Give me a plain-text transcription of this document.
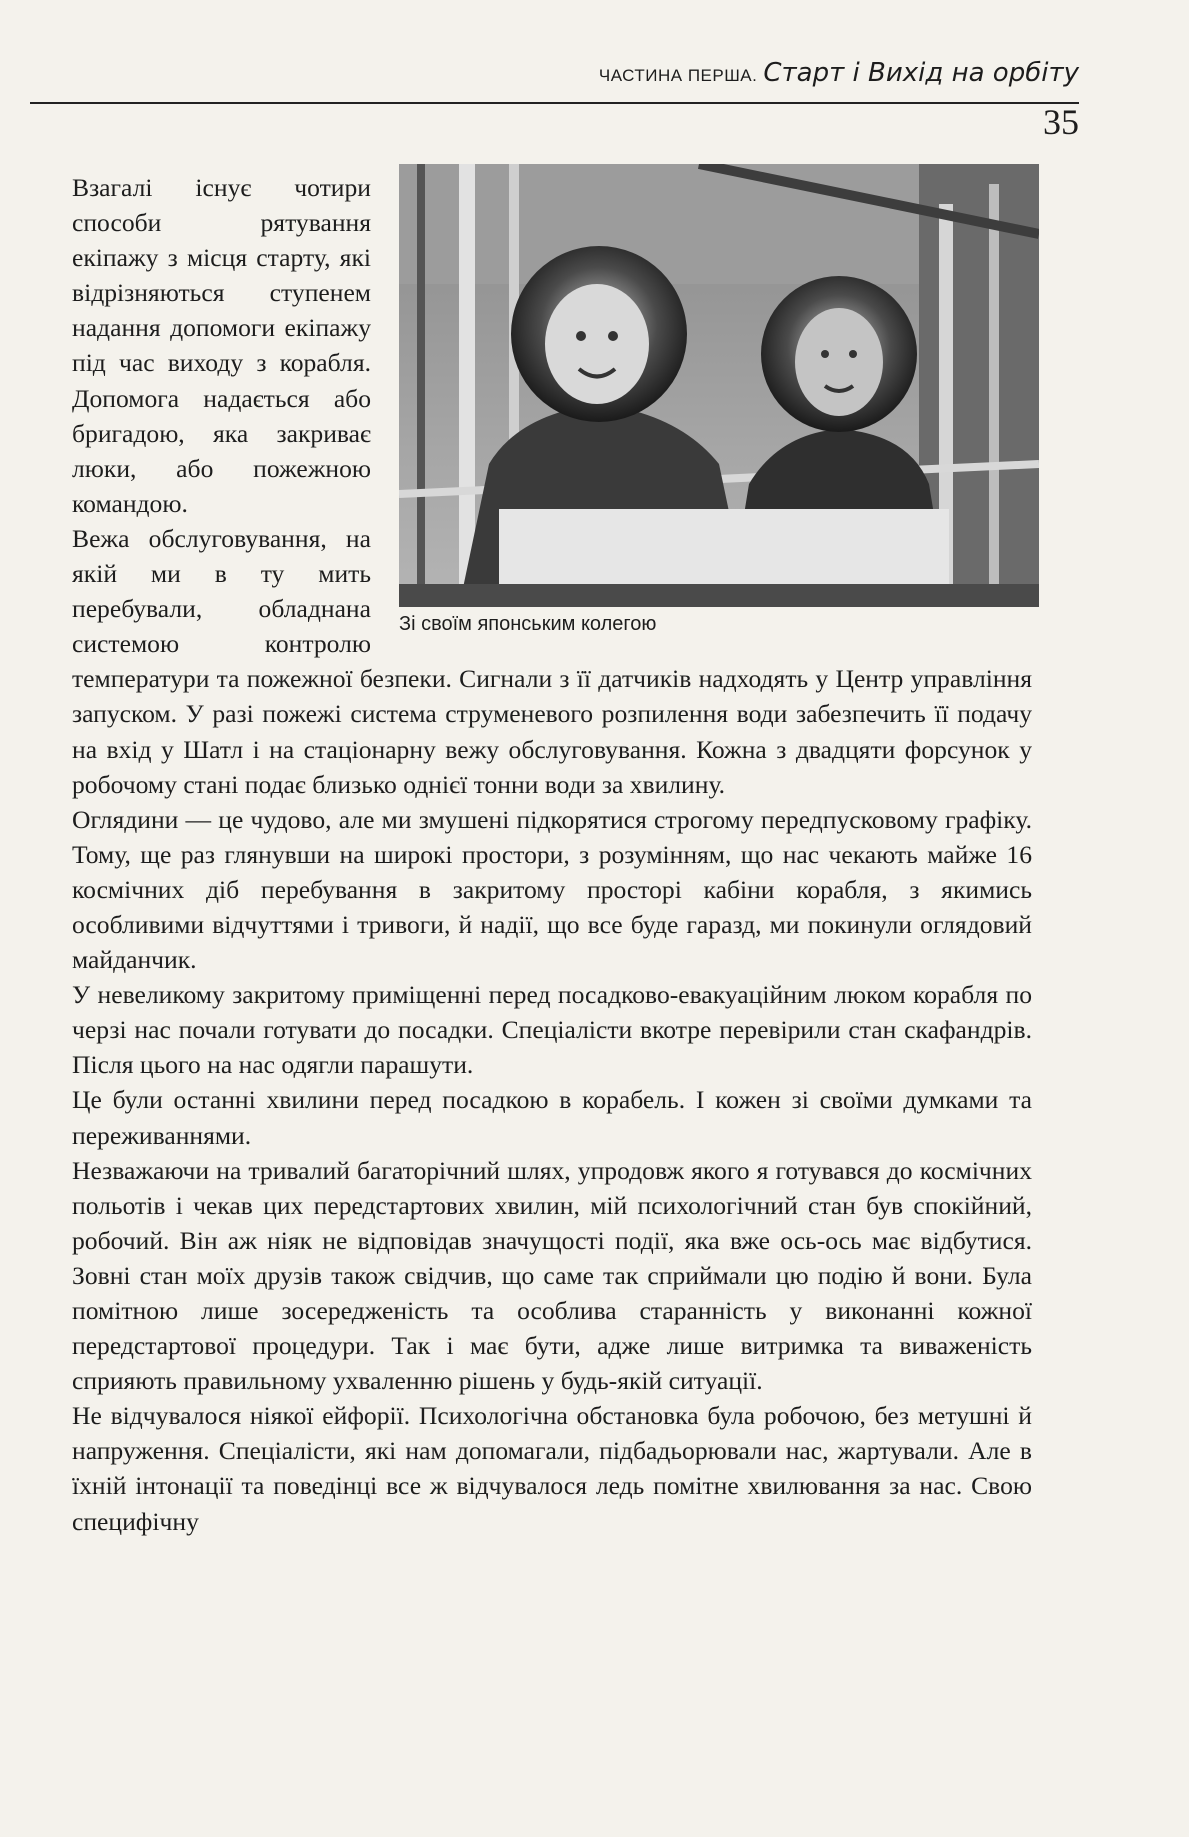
ЧАСТИНА ПЕРША. Старт і Вихід на орбіту
35

Зі своїм японським колегою

Взагалі існує чотири способи рятування екіпажу з місця старту, які відрізняються ступенем надання допомоги екіпажу під час виходу з корабля. Допомога надається або бригадою, яка закриває люки, або пожежною командою.

Вежа обслуговування, на якій ми в ту мить перебували, обладнана системою контролю температури та пожежної безпеки. Сигнали з її датчиків надходять у Центр управління запуском. У разі пожежі система струменевого розпилення води забезпечить її подачу на вхід у Шатл і на стаціонарну вежу обслуговування. Кожна з двадцяти форсунок у робочому стані подає близько однієї тонни води за хвилину.

Оглядини — це чудово, але ми змушені підкорятися строгому передпусковому графіку. Тому, ще раз глянувши на широкі простори, з розумінням, що нас чекають майже 16 космічних діб перебування в закритому просторі кабіни корабля, з якимись особливими відчуттями і тривоги, й надії, що все буде гаразд, ми покинули оглядовий майданчик.

У невеликому закритому приміщенні перед посадково-евакуаційним люком корабля по черзі нас почали готувати до посадки. Спеціалісти вкотре перевірили стан скафандрів. Після цього на нас одягли парашути.

Це були останні хвилини перед посадкою в корабель. І кожен зі своїми думками та переживаннями.

Незважаючи на тривалий багаторічний шлях, упродовж якого я готувався до космічних польотів і чекав цих передстартових хвилин, мій психологічний стан був спокійний, робочий. Він аж ніяк не відповідав значущості події, яка вже ось-ось має відбутися. Зовні стан моїх друзів також свідчив, що саме так сприймали цю подію й вони. Була помітною лише зосередженість та особлива старанність у виконанні кожної передстартової процедури. Так і має бути, адже лише витримка та виваженість сприяють правильному ухваленню рішень у будь-якій ситуації.

Не відчувалося ніякої ейфорії. Психологічна обстановка була робочою, без метушні й напруження. Спеціалісти, які нам допомагали, підбадьорювали нас, жартували. Але в їхній інтонації та поведінці все ж відчувалося ледь помітне хвилювання за нас. Свою специфічну
